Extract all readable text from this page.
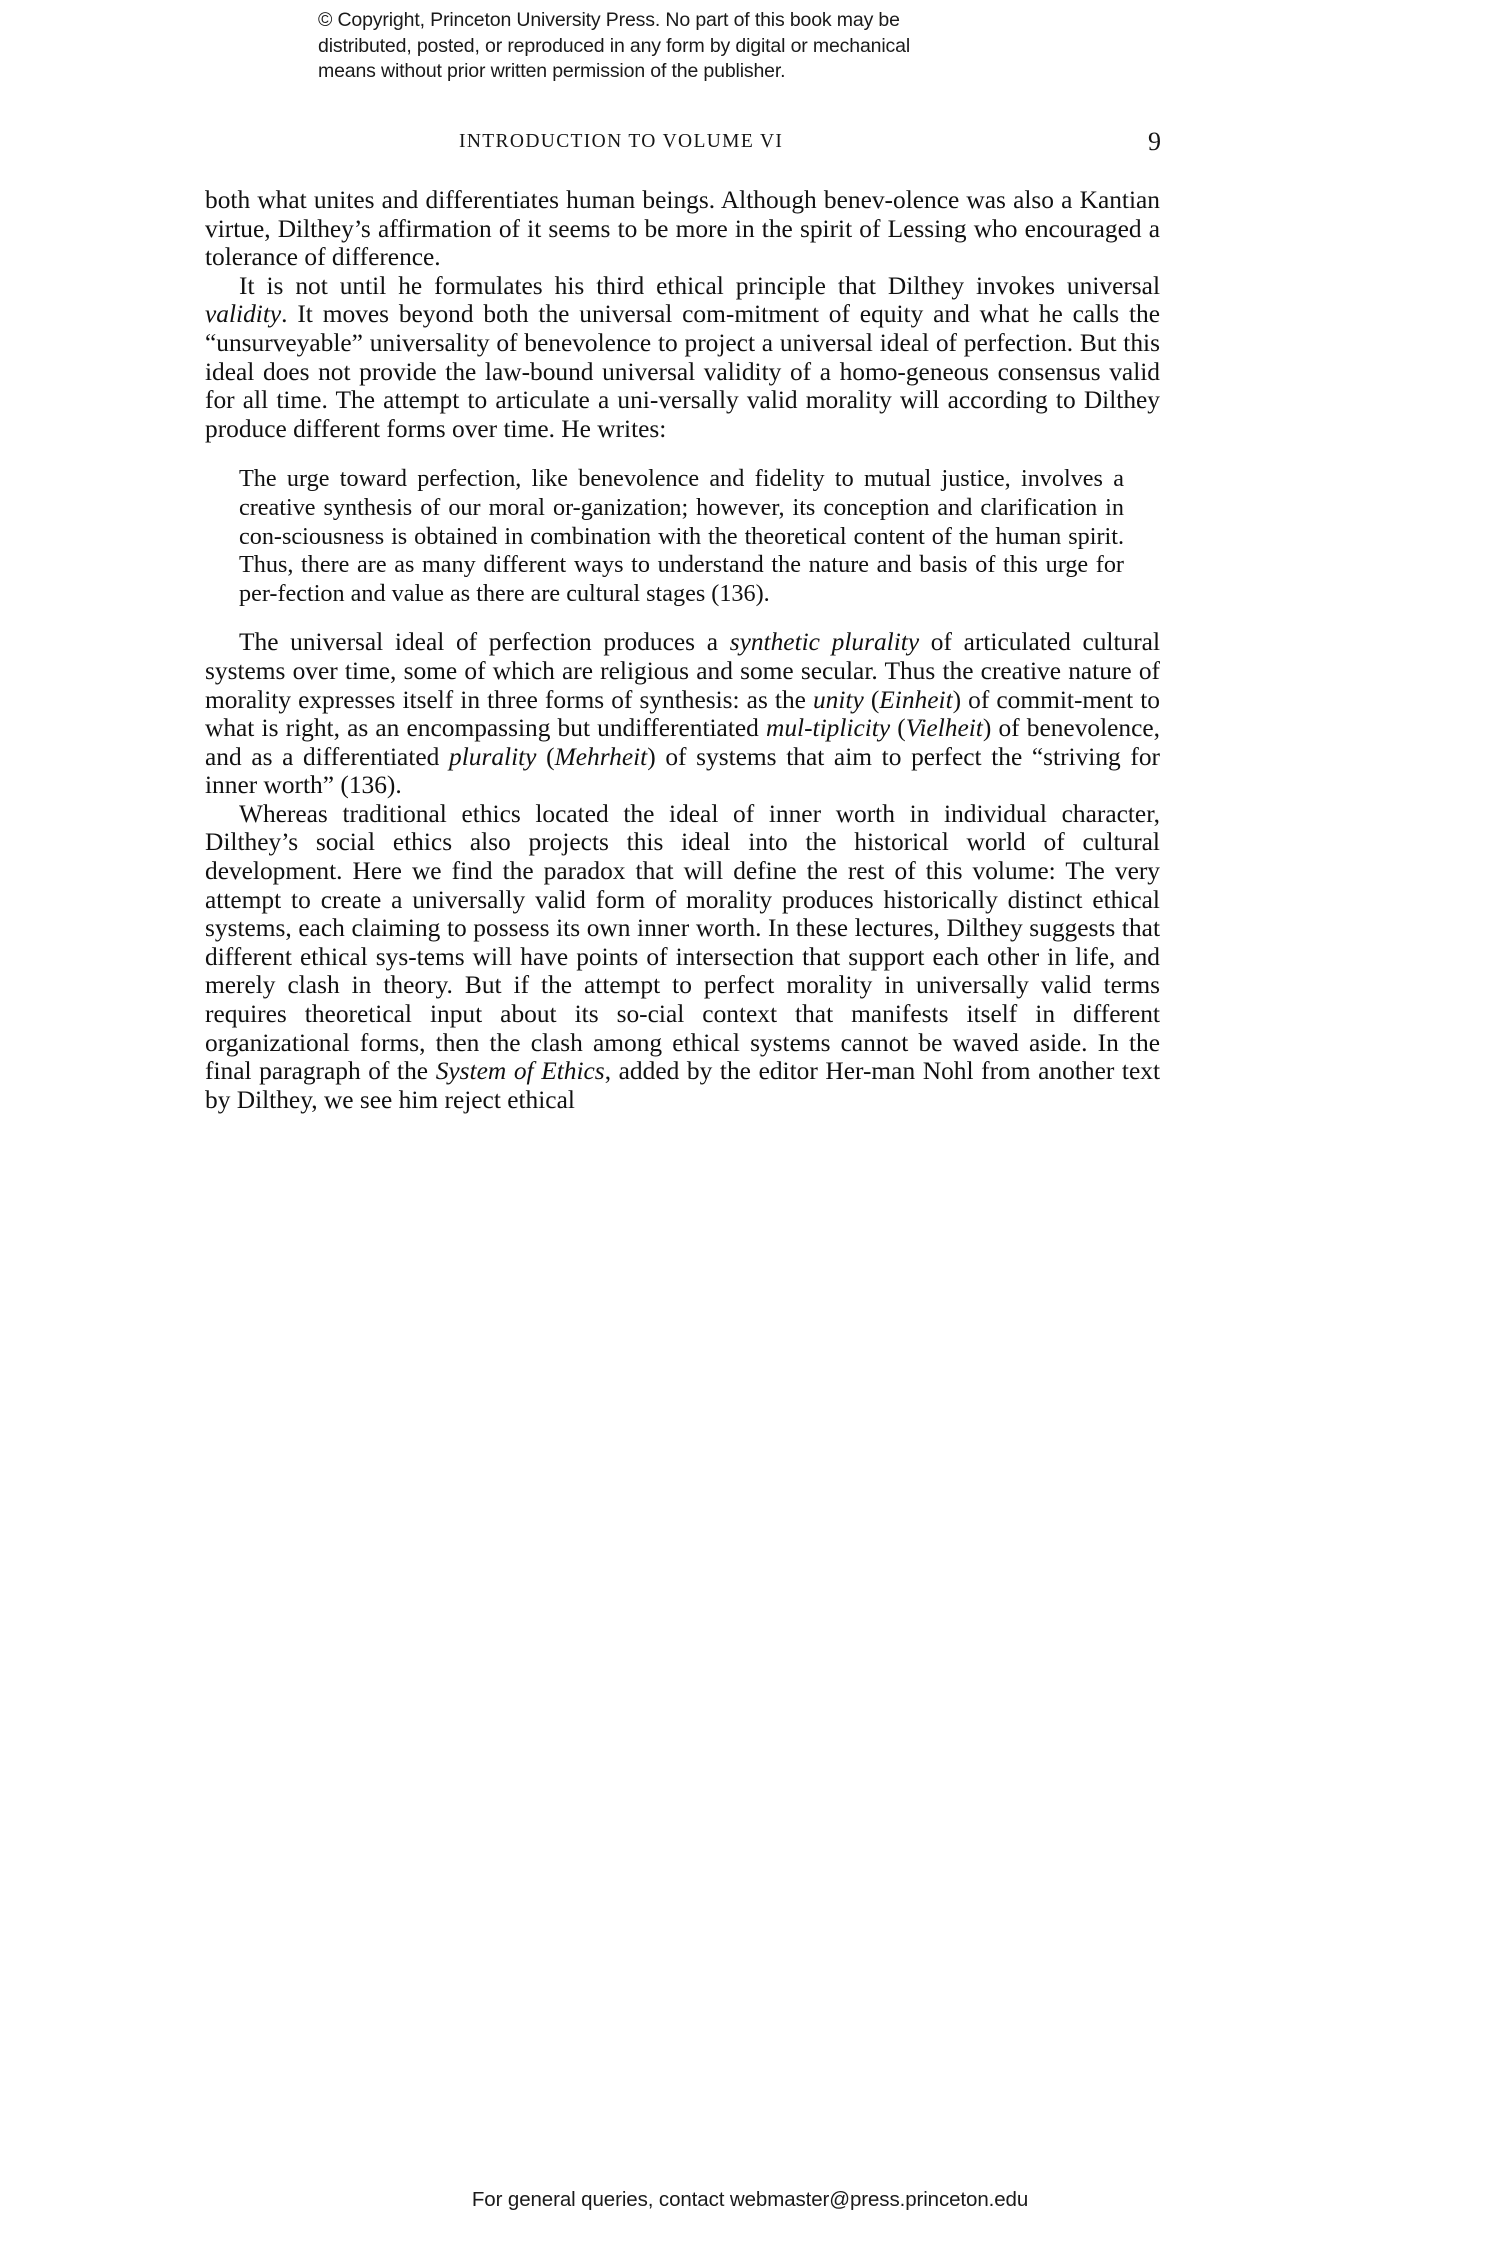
© Copyright, Princeton University Press. No part of this book may be
distributed, posted, or reproduced in any form by digital or mechanical
means without prior written permission of the publisher.
INTRODUCTION TO VOLUME VI	9

both what unites and differentiates human beings. Although benev-olence was also a Kantian virtue, Dilthey’s affirmation of it seems to be more in the spirit of Lessing who encouraged a tolerance of difference.

It is not until he formulates his third ethical principle that Dilthey invokes universal validity. It moves beyond both the universal com-mitment of equity and what he calls the “unsurveyable” universality of benevolence to project a universal ideal of perfection. But this ideal does not provide the law-bound universal validity of a homo-geneous consensus valid for all time. The attempt to articulate a uni-versally valid morality will according to Dilthey produce different forms over time. He writes:

The urge toward perfection, like benevolence and fidelity to mutual justice, involves a creative synthesis of our moral or-ganization; however, its conception and clarification in con-sciousness is obtained in combination with the theoretical content of the human spirit. Thus, there are as many different ways to understand the nature and basis of this urge for per-fection and value as there are cultural stages (136).

The universal ideal of perfection produces a synthetic plurality of articulated cultural systems over time, some of which are religious and some secular. Thus the creative nature of morality expresses itself in three forms of synthesis: as the unity (Einheit) of commit-ment to what is right, as an encompassing but undifferentiated mul-tiplicity (Vielheit) of benevolence, and as a differentiated plurality (Mehrheit) of systems that aim to perfect the “striving for inner worth” (136).

Whereas traditional ethics located the ideal of inner worth in individual character, Dilthey’s social ethics also projects this ideal into the historical world of cultural development. Here we find the paradox that will define the rest of this volume: The very attempt to create a universally valid form of morality produces historically distinct ethical systems, each claiming to possess its own inner worth. In these lectures, Dilthey suggests that different ethical sys-tems will have points of intersection that support each other in life, and merely clash in theory. But if the attempt to perfect morality in universally valid terms requires theoretical input about its so-cial context that manifests itself in different organizational forms, then the clash among ethical systems cannot be waved aside. In the final paragraph of the System of Ethics, added by the editor Her-man Nohl from another text by Dilthey, we see him reject ethical

For general queries, contact webmaster@press.princeton.edu
